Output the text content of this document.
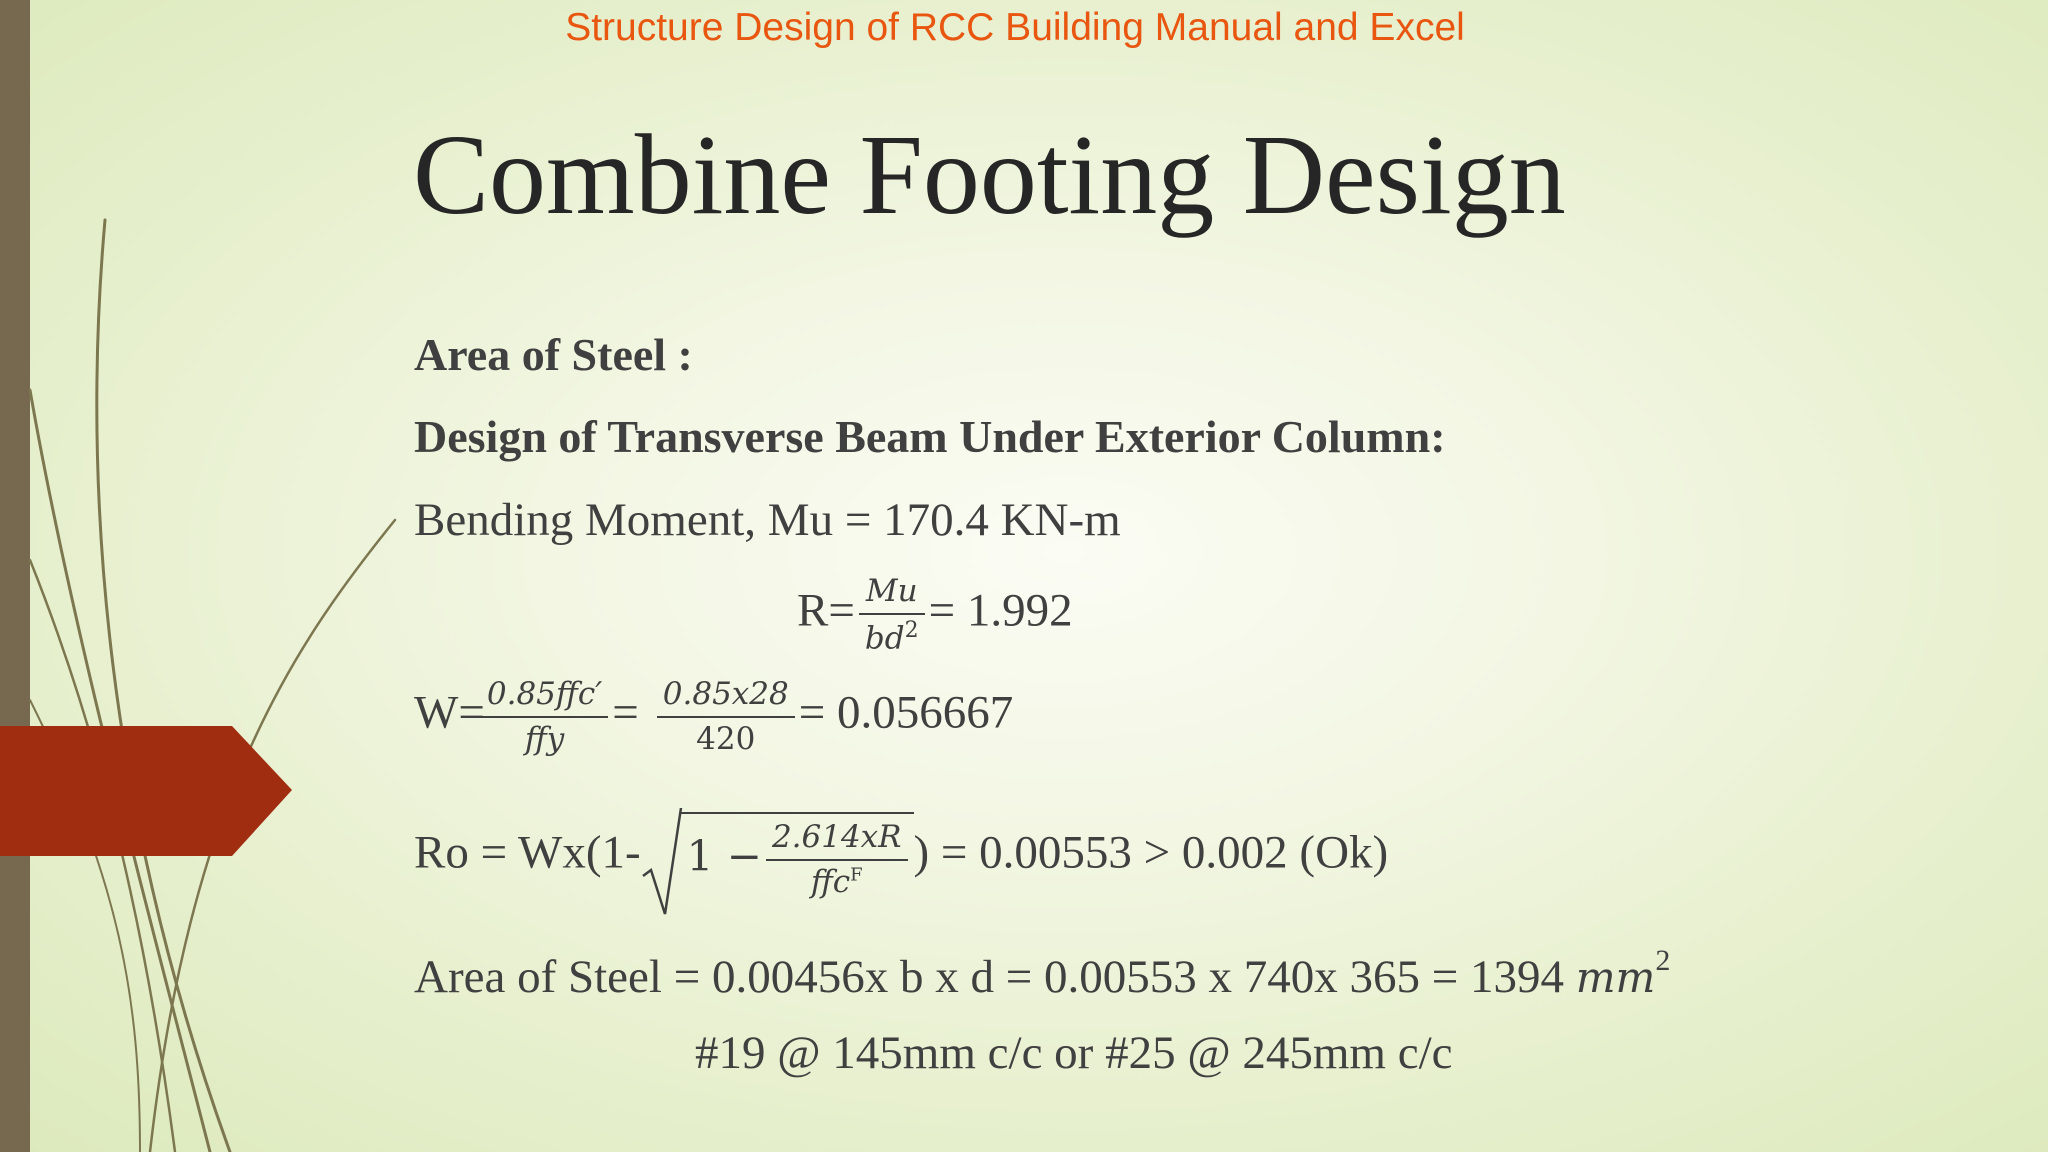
Structure Design of RCC Building Manual and Excel
Combine Footing Design
Area of Steel :
Design of Transverse Beam Under Exterior Column:
Bending Moment, Mu = 170.4 KN-m
$R= \frac{Mu}{bd^2} = 1.992$
W=
$\frac{\text{0.85ffc′}}{\text{ffy}} = \frac{0.85x28}{420} = 0.056667$
Ro = Wx(1- $1 - \frac{2.614xR}{ffc^F}$ ) = 0.00553 > 0.002 (Ok)
Area of Steel = 0.00456x b x d = 0.00553 x 740x 365 = 1394 $mm^2$
#19 @ 145mm c/c or #25 @ 245mm c/c
